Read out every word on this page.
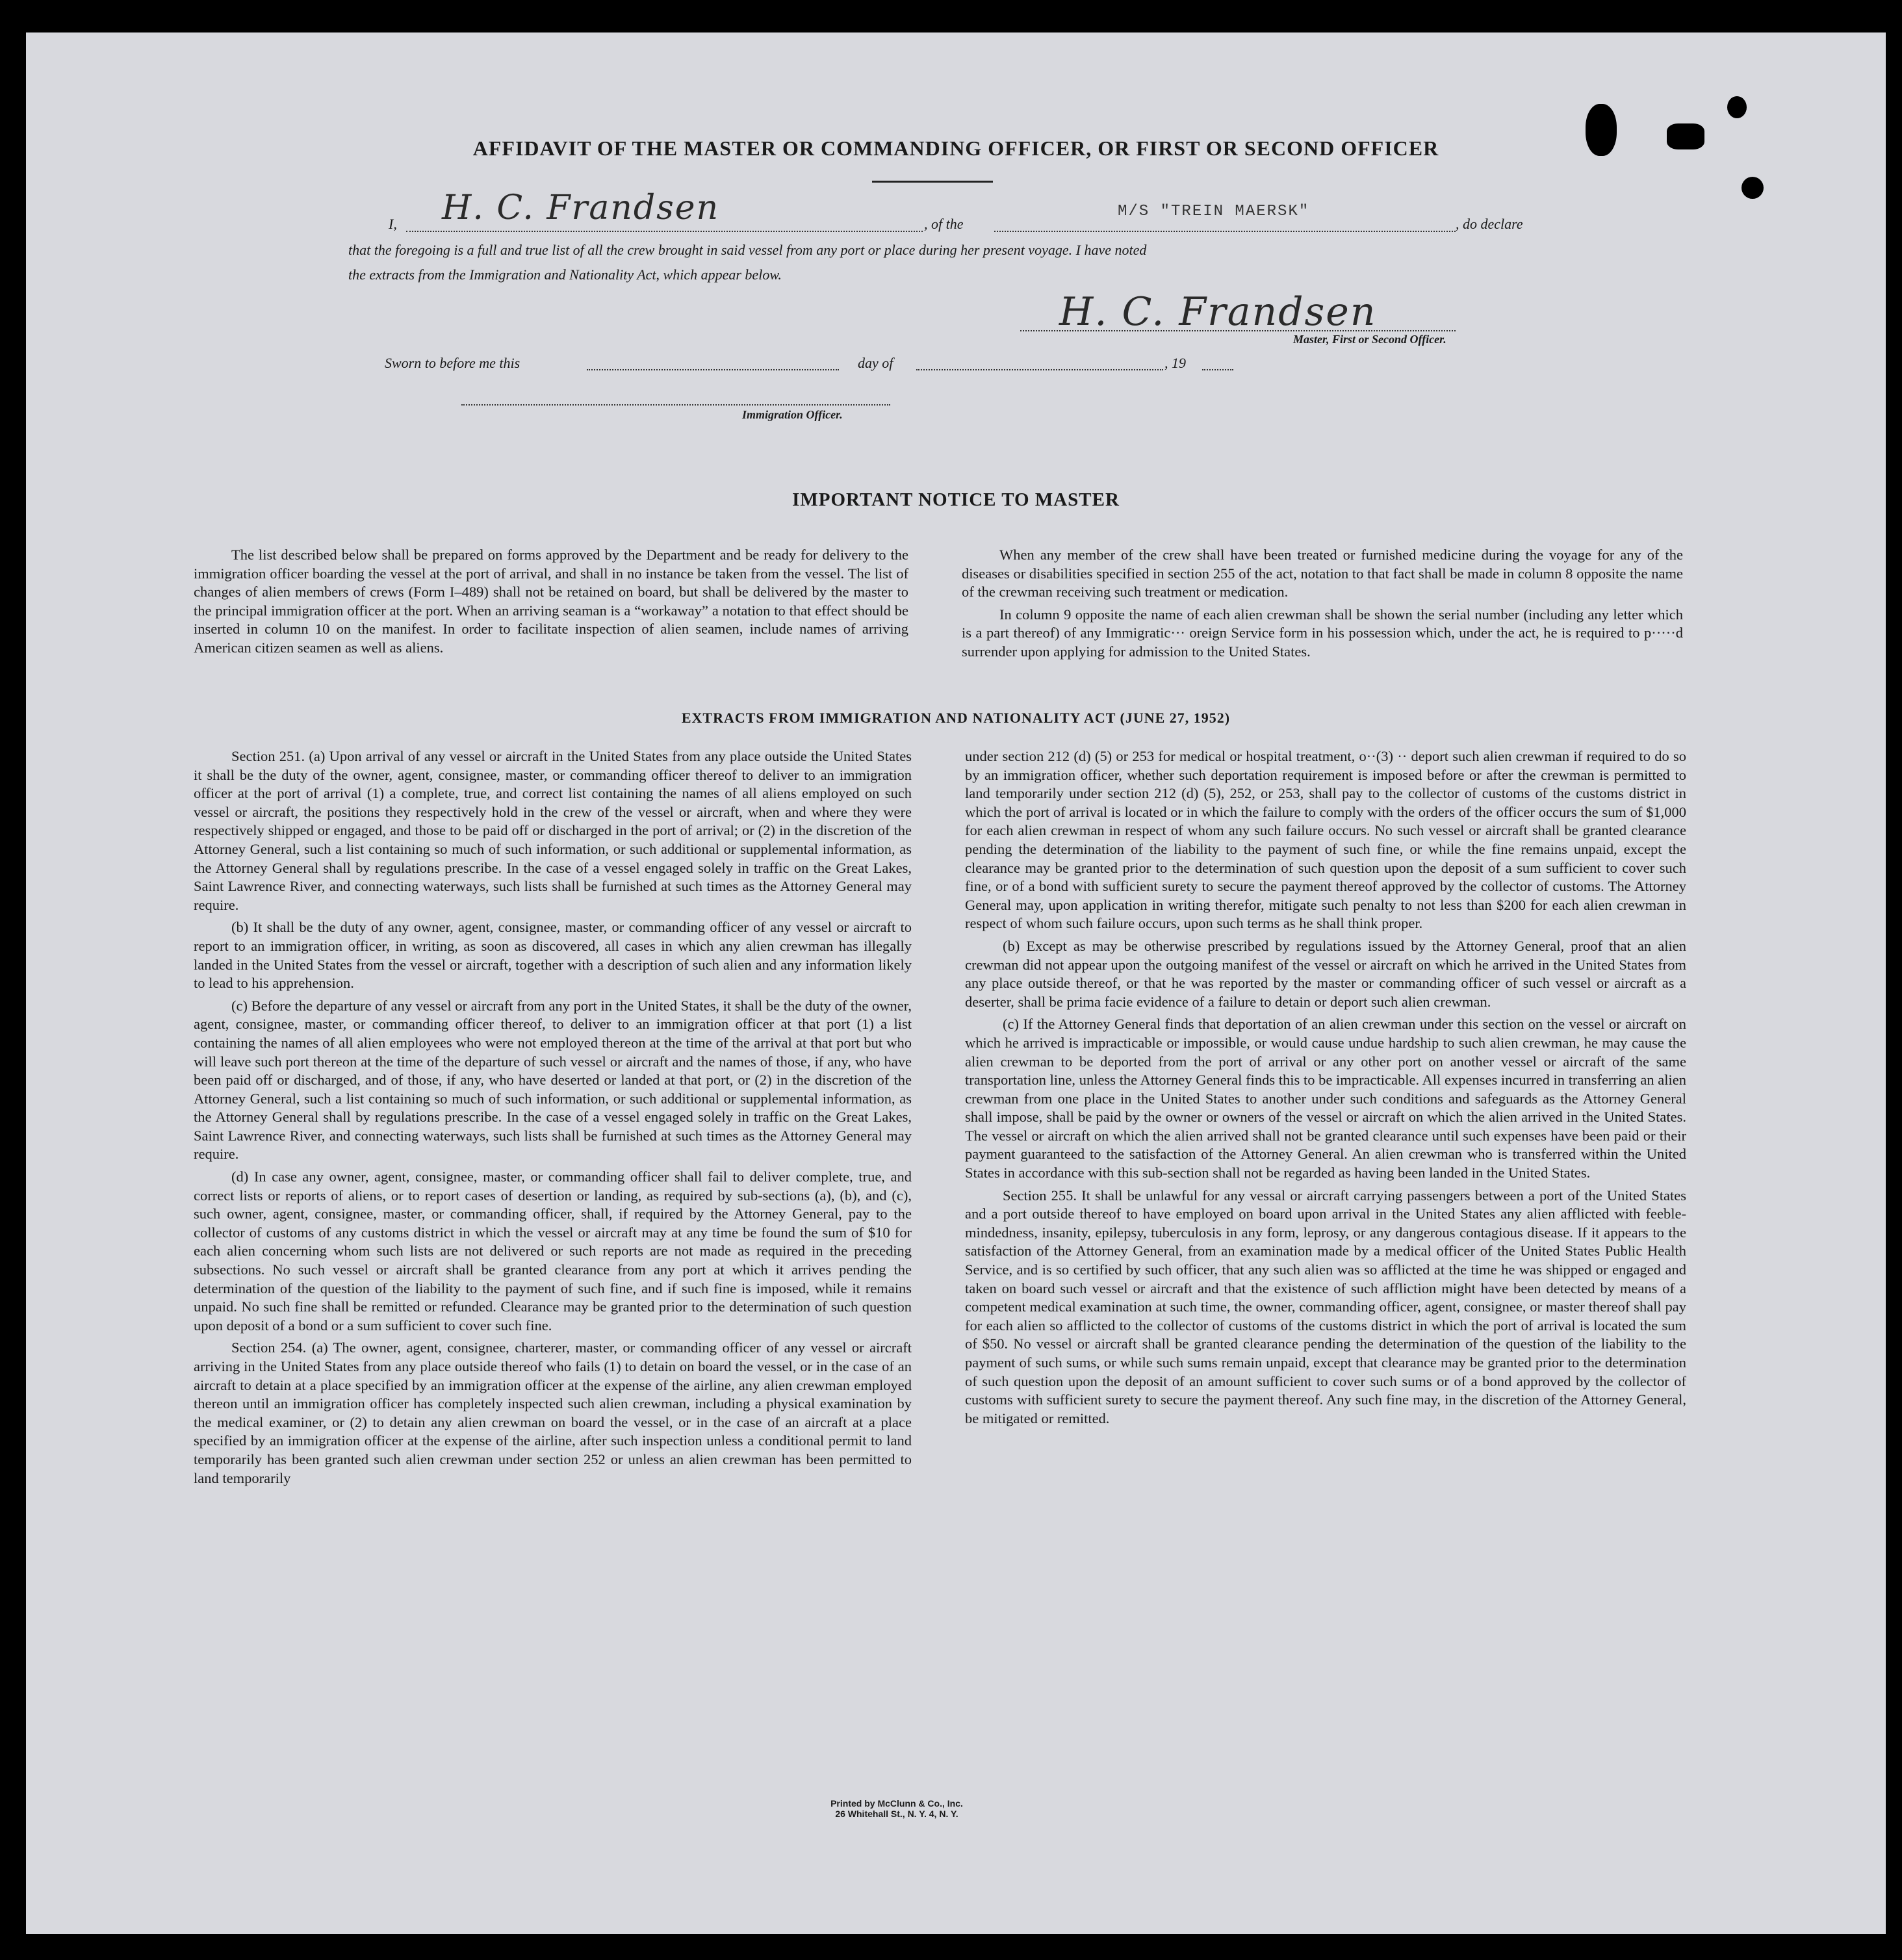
AFFIDAVIT OF THE MASTER OR COMMANDING OFFICER, OR FIRST OR SECOND OFFICER
I, H. C. Frandsen	, of the
M/S "TREIN MAERSK"
, do declare
that the foregoing is a full and true list of all the crew brought in said vessel from any port or place during her present voyage. I have noted
the extracts from the Immigration and Nationality Act, which appear below.
H. C. Frandsen
Master, First or Second Officer.
Sworn to before me this	day of	, 19
Immigration Officer.
IMPORTANT NOTICE TO MASTER

The list described below shall be prepared on forms approved by the Department and be ready for delivery to the immigration officer boarding the vessel at the port of arrival, and shall in no instance be taken from the vessel. The list of changes of alien members of crews (Form I–489) shall not be retained on board, but shall be delivered by the master to the principal immigration officer at the port. When an arriving seaman is a “workaway” a notation to that effect should be inserted in column 10 on the manifest. In order to facilitate inspection of alien seamen, include names of arriving American citizen seamen as well as aliens.

When any member of the crew shall have been treated or furnished medicine during the voyage for any of the diseases or disabilities specified in section 255 of the act, notation to that fact shall be made in column 8 opposite the name of the crewman receiving such treatment or medication.

In column 9 opposite the name of each alien crewman shall be shown the serial number (including any letter which is a part thereof) of any Immigratic··· oreign Service form in his possession which, under the act, he is required to p·····d surrender upon applying for admission to the United States.

EXTRACTS FROM IMMIGRATION AND NATIONALITY ACT (JUNE 27, 1952)

Section 251. (a) Upon arrival of any vessel or aircraft in the United States from any place outside the United States it shall be the duty of the owner, agent, consignee, master, or commanding officer thereof to deliver to an immigration officer at the port of arrival (1) a complete, true, and correct list containing the names of all aliens employed on such vessel or aircraft, the positions they respectively hold in the crew of the vessel or aircraft, when and where they were respectively shipped or engaged, and those to be paid off or discharged in the port of arrival; or (2) in the discretion of the Attorney General, such a list containing so much of such information, or such additional or supplemental information, as the Attorney General shall by regulations prescribe. In the case of a vessel engaged solely in traffic on the Great Lakes, Saint Lawrence River, and connecting waterways, such lists shall be furnished at such times as the Attorney General may require.

(b) It shall be the duty of any owner, agent, consignee, master, or commanding officer of any vessel or aircraft to report to an immigration officer, in writing, as soon as discovered, all cases in which any alien crewman has illegally landed in the United States from the vessel or aircraft, together with a description of such alien and any information likely to lead to his apprehension.

(c) Before the departure of any vessel or aircraft from any port in the United States, it shall be the duty of the owner, agent, consignee, master, or commanding officer thereof, to deliver to an immigration officer at that port (1) a list containing the names of all alien employees who were not employed thereon at the time of the arrival at that port but who will leave such port thereon at the time of the departure of such vessel or aircraft and the names of those, if any, who have been paid off or discharged, and of those, if any, who have deserted or landed at that port, or (2) in the discretion of the Attorney General, such a list containing so much of such information, or such additional or supplemental information, as the Attorney General shall by regulations prescribe. In the case of a vessel engaged solely in traffic on the Great Lakes, Saint Lawrence River, and connecting waterways, such lists shall be furnished at such times as the Attorney General may require.

(d) In case any owner, agent, consignee, master, or commanding officer shall fail to deliver complete, true, and correct lists or reports of aliens, or to report cases of desertion or landing, as required by sub-sections (a), (b), and (c), such owner, agent, consignee, master, or commanding officer, shall, if required by the Attorney General, pay to the collector of customs of any customs district in which the vessel or aircraft may at any time be found the sum of $10 for each alien concerning whom such lists are not delivered or such reports are not made as required in the preceding subsections. No such vessel or aircraft shall be granted clearance from any port at which it arrives pending the determination of the question of the liability to the payment of such fine, and if such fine is imposed, while it remains unpaid. No such fine shall be remitted or refunded. Clearance may be granted prior to the determination of such question upon deposit of a bond or a sum sufficient to cover such fine.

Section 254. (a) The owner, agent, consignee, charterer, master, or commanding officer of any vessel or aircraft arriving in the United States from any place outside thereof who fails (1) to detain on board the vessel, or in the case of an aircraft to detain at a place specified by an immigration officer at the expense of the airline, any alien crewman employed thereon until an immigration officer has completely inspected such alien crewman, including a physical examination by the medical examiner, or (2) to detain any alien crewman on board the vessel, or in the case of an aircraft at a place specified by an immigration officer at the expense of the airline, after such inspection unless a conditional permit to land temporarily has been granted such alien crewman under section 252 or unless an alien crewman has been permitted to land temporarily

under section 212 (d) (5) or 253 for medical or hospital treatment, o··(3) ·· deport such alien crewman if required to do so by an immigration officer, whether such deportation requirement is imposed before or after the crewman is permitted to land temporarily under section 212 (d) (5), 252, or 253, shall pay to the collector of customs of the customs district in which the port of arrival is located or in which the failure to comply with the orders of the officer occurs the sum of $1,000 for each alien crewman in respect of whom any such failure occurs. No such vessel or aircraft shall be granted clearance pending the determination of the liability to the payment of such fine, or while the fine remains unpaid, except the clearance may be granted prior to the determination of such question upon the deposit of a sum sufficient to cover such fine, or of a bond with sufficient surety to secure the payment thereof approved by the collector of customs. The Attorney General may, upon application in writing therefor, mitigate such penalty to not less than $200 for each alien crewman in respect of whom such failure occurs, upon such terms as he shall think proper.

(b) Except as may be otherwise prescribed by regulations issued by the Attorney General, proof that an alien crewman did not appear upon the outgoing manifest of the vessel or aircraft on which he arrived in the United States from any place outside thereof, or that he was reported by the master or commanding officer of such vessel or aircraft as a deserter, shall be prima facie evidence of a failure to detain or deport such alien crewman.

(c) If the Attorney General finds that deportation of an alien crewman under this section on the vessel or aircraft on which he arrived is impracticable or impossible, or would cause undue hardship to such alien crewman, he may cause the alien crewman to be deported from the port of arrival or any other port on another vessel or aircraft of the same transportation line, unless the Attorney General finds this to be impracticable. All expenses incurred in transferring an alien crewman from one place in the United States to another under such conditions and safeguards as the Attorney General shall impose, shall be paid by the owner or owners of the vessel or aircraft on which the alien arrived in the United States. The vessel or aircraft on which the alien arrived shall not be granted clearance until such expenses have been paid or their payment guaranteed to the satisfaction of the Attorney General. An alien crewman who is transferred within the United States in accordance with this sub-section shall not be regarded as having been landed in the United States.

Section 255. It shall be unlawful for any vessal or aircraft carrying passengers between a port of the United States and a port outside thereof to have employed on board upon arrival in the United States any alien afflicted with feeble-mindedness, insanity, epilepsy, tuberculosis in any form, leprosy, or any dangerous contagious disease. If it appears to the satisfaction of the Attorney General, from an examination made by a medical officer of the United States Public Health Service, and is so certified by such officer, that any such alien was so afflicted at the time he was shipped or engaged and taken on board such vessel or aircraft and that the existence of such affliction might have been detected by means of a competent medical examination at such time, the owner, commanding officer, agent, consignee, or master thereof shall pay for each alien so afflicted to the collector of customs of the customs district in which the port of arrival is located the sum of $50. No vessel or aircraft shall be granted clearance pending the determination of the question of the liability to the payment of such sums, or while such sums remain unpaid, except that clearance may be granted prior to the determination of such question upon the deposit of an amount sufficient to cover such sums or of a bond approved by the collector of customs with sufficient surety to secure the payment thereof. Any such fine may, in the discretion of the Attorney General, be mitigated or remitted.

Printed by McClunn & Co., Inc.
26 Whitehall St., N. Y. 4, N. Y.
